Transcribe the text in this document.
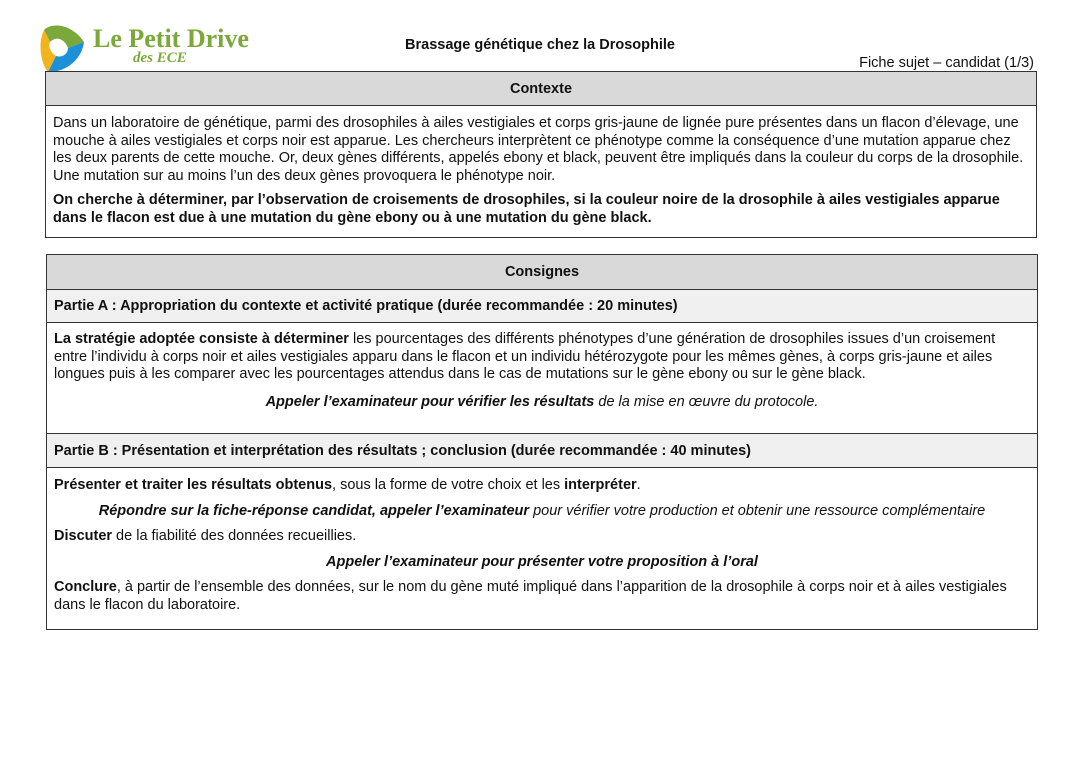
Le Petit Drive
des ECE
Brassage génétique chez la Drosophile
Fiche sujet – candidat (1/3)
Contexte

Dans un laboratoire de génétique, parmi des drosophiles à ailes vestigiales et corps gris-jaune de lignée pure présentes dans un flacon d’élevage, une mouche à ailes vestigiales et corps noir est apparue. Les chercheurs interprètent ce phénotype comme la conséquence d’une mutation apparue chez les deux parents de cette mouche. Or, deux gènes différents, appelés ebony et black, peuvent être impliqués dans la couleur du corps de la drosophile. Une mutation sur au moins l’un des deux gènes provoquera le phénotype noir.

On cherche à déterminer, par l’observation de croisements de drosophiles, si la couleur noire de la drosophile à ailes vestigiales apparue dans le flacon est due à une mutation du gène ebony ou à une mutation du gène black.

Consignes
Partie A : Appropriation du contexte et activité pratique (durée recommandée : 20 minutes)

La stratégie adoptée consiste à déterminer les pourcentages des différents phénotypes d’une génération de drosophiles issues d’un croisement entre l’individu à corps noir et ailes vestigiales apparu dans le flacon et un individu hétérozygote pour les mêmes gènes, à corps gris-jaune et ailes longues puis à les comparer avec les pourcentages attendus dans le cas de mutations sur le gène ebony ou sur le gène black.

Appeler l’examinateur pour vérifier les résultats de la mise en œuvre du protocole.

Partie B : Présentation et interprétation des résultats ; conclusion (durée recommandée : 40 minutes)

Présenter et traiter les résultats obtenus, sous la forme de votre choix et les interpréter.

Répondre sur la fiche-réponse candidat, appeler l’examinateur pour vérifier votre production et obtenir une ressource complémentaire

Discuter de la fiabilité des données recueillies.

Appeler l’examinateur pour présenter votre proposition à l’oral

Conclure, à partir de l’ensemble des données, sur le nom du gène muté impliqué dans l’apparition de la drosophile à corps noir et à ailes vestigiales dans le flacon du laboratoire.
